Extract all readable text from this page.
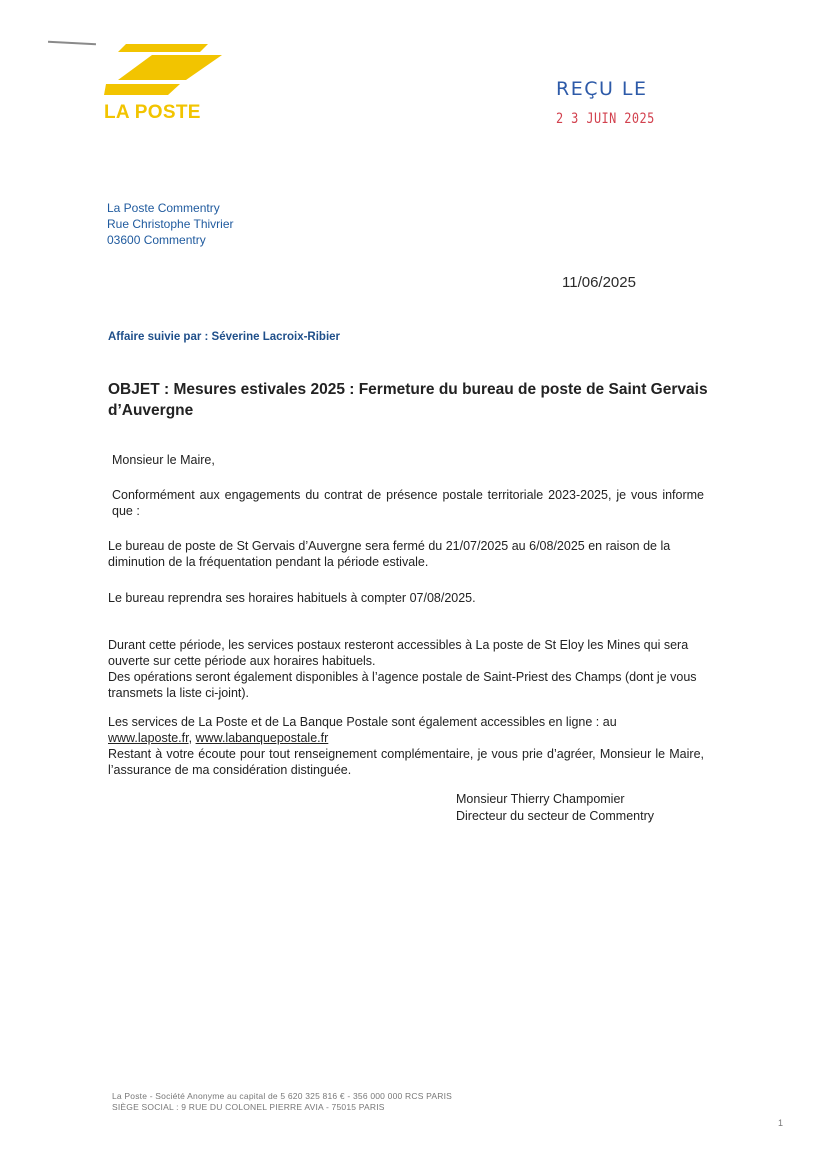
LA POSTE
REÇU LE
2 3 JUIN 2025
La Poste Commentry
Rue Christophe Thivrier
03600 Commentry
11/06/2025
Affaire suivie par : Séverine Lacroix-Ribier
OBJET : Mesures estivales 2025 : Fermeture du bureau de poste de Saint Gervais d’Auvergne
Monsieur le Maire,
Conformément aux engagements du contrat de présence postale territoriale 2023-2025, je vous informe que :
Le bureau de poste de St Gervais d’Auvergne sera fermé du 21/07/2025 au 6/08/2025 en raison de la diminution de la fréquentation pendant la période estivale.
Le bureau reprendra ses horaires habituels à compter 07/08/2025.
Durant cette période, les services postaux resteront accessibles à La poste de St Eloy les Mines qui sera ouverte sur cette période aux horaires habituels.
Des opérations seront également disponibles à l’agence postale de Saint-Priest des Champs (dont je vous transmets la liste ci-joint).
Les services de La Poste et de La Banque Postale sont également accessibles en ligne : au
www.laposte.fr, www.labanquepostale.fr
Restant à votre écoute pour tout renseignement complémentaire, je vous prie d’agréer, Monsieur le Maire, l’assurance de ma considération distinguée.
Monsieur Thierry Champomier
Directeur du secteur de Commentry
La Poste - Société Anonyme au capital de 5 620 325 816 € - 356 000 000 RCS PARIS
SIÈGE SOCIAL : 9 RUE DU COLONEL PIERRE AVIA - 75015 PARIS
1
